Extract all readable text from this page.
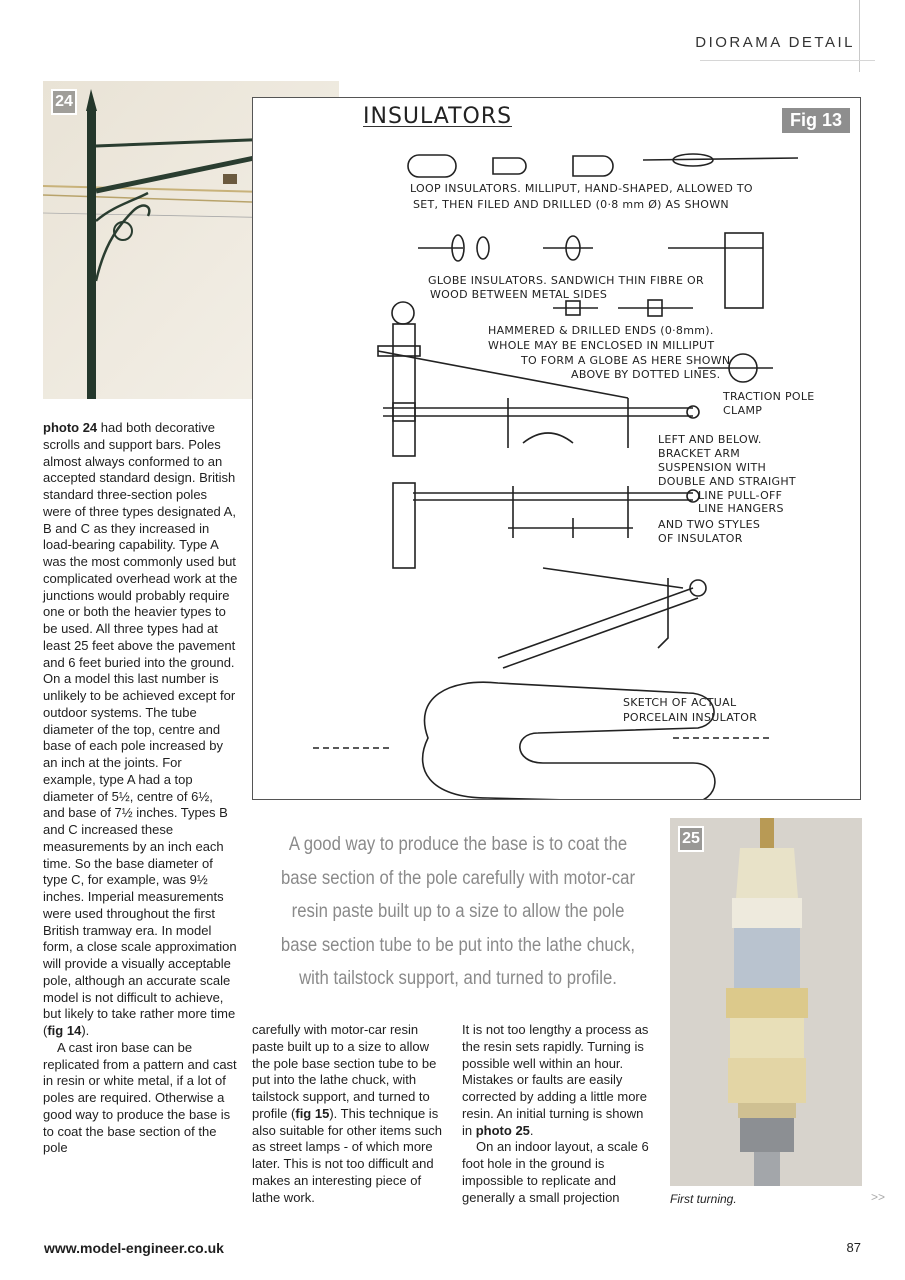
DIORAMA DETAIL
24
Fig 13
INSULATORS
LOOP INSULATORS. MILLIPUT, HAND-SHAPED, ALLOWED TO
SET, THEN FILED AND DRILLED (0·8 mm Ø) AS SHOWN
GLOBE INSULATORS. SANDWICH THIN FIBRE OR
WOOD BETWEEN METAL SIDES
HAMMERED & DRILLED ENDS (0·8mm).
WHOLE MAY BE ENCLOSED IN MILLIPUT
TO FORM A GLOBE AS HERE SHOWN
ABOVE BY DOTTED LINES.
TRACTION POLE
CLAMP
LEFT AND BELOW.
BRACKET ARM
SUSPENSION WITH
DOUBLE AND STRAIGHT
LINE PULL-OFF
LINE HANGERS
AND TWO STYLES
OF INSULATOR
SKETCH OF ACTUAL
PORCELAIN INSULATOR

photo 24 had both decorative scrolls and support bars. Poles almost always conformed to an accepted standard design. British standard three-section poles were of three types designated A, B and C as they increased in load-bearing capability. Type A was the most commonly used but complicated overhead work at the junctions would probably require one or both the heavier types to be used. All three types had at least 25 feet above the pavement and 6 feet buried into the ground. On a model this last number is unlikely to be achieved except for outdoor systems. The tube diameter of the top, centre and base of each pole increased by an inch at the joints. For example, type A had a top diameter of 5½, centre of 6½, and base of 7½ inches. Types B and C increased these measurements by an inch each time. So the base diameter of type C, for example, was 9½ inches. Imperial measurements were used throughout the first British tramway era. In model form, a close scale approximation will provide a visually acceptable pole, although an accurate scale model is not difficult to achieve, but likely to take rather more time (fig 14).

A cast iron base can be replicated from a pattern and cast in resin or white metal, if a lot of poles are required. Otherwise a good way to produce the base is to coat the base section of the pole

A good way to produce the base is to coat the base section of the pole carefully with motor-car resin paste built up to a size to allow the pole base section tube to be put into the lathe chuck, with tailstock support, and turned to profile.

carefully with motor-car resin paste built up to a size to allow the pole base section tube to be put into the lathe chuck, with tailstock support, and turned to profile (fig 15). This technique is also suitable for other items such as street lamps - of which more later. This is not too difficult and makes an interesting piece of lathe work.

It is not too lengthy a process as the resin sets rapidly. Turning is possible well within an hour. Mistakes or faults are easily corrected by adding a little more resin. An initial turning is shown in photo 25.

On an indoor layout, a scale 6 foot hole in the ground is impossible to replicate and generally a small projection

25
First turning.	>>
www.model-engineer.co.uk	87
